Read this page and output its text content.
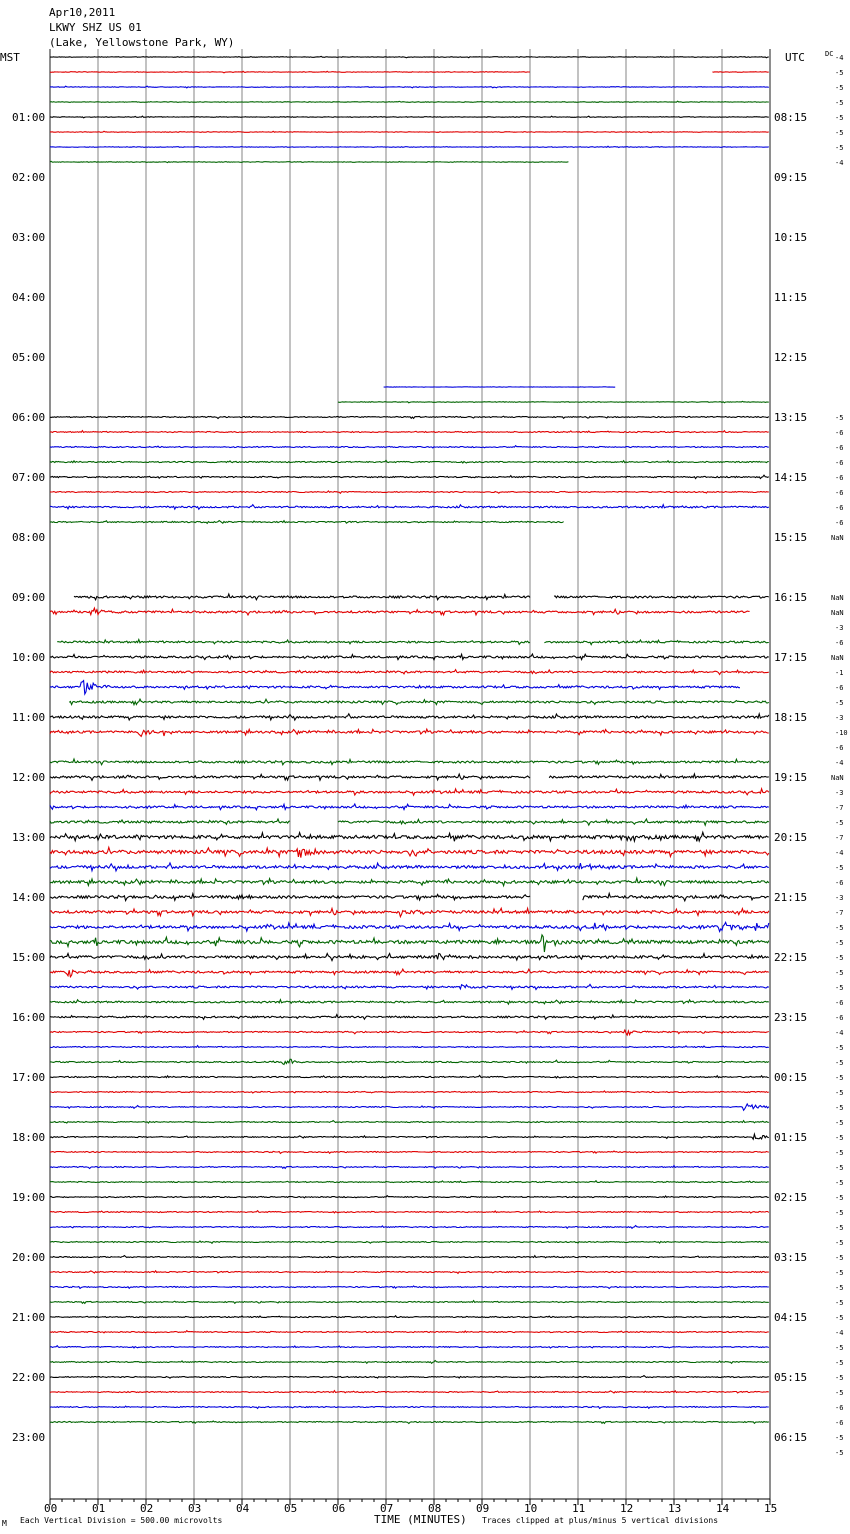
Apr10,2011
LKWY SHZ US 01
(Lake, Yellowstone Park, WY)
MST	UTC	DC
00	01	02	03	04	05	06	07	08	09	10	11	12	13	14	15
01:00
02:00
03:00
04:00
05:00
06:00
07:00
08:00
09:00
10:00
11:00
12:00
13:00
14:00
15:00
16:00
17:00
18:00
19:00
20:00
21:00
22:00
23:00
08:15
09:15
10:15
11:15
12:15
13:15
14:15
15:15
16:15
17:15
18:15
19:15
20:15
21:15
22:15
23:15
00:15
01:15
02:15
03:15
04:15
05:15
06:15
-4
-5
-5
-5
-5
-5
-5
-4
-5
-6
-6
-6
-6
-6
-6
-6
NaN
NaN
NaN
-3
-6
NaN
-1
-6
-5
-3
-10
-6
-4
NaN
-3
-7
-5
-7
-4
-5
-6
-3
-7
-5
-5
-5
-5
-5
-6
-6
-4
-5
-5
-5
-5
-5
-5
-5
-5
-5
-5
-5
-5
-5
-5
-5
-5
-5
-5
-5
-4
-5
-5
-5
-5
-6
-6
-5
-5
M Each Vertical Division = 500.00 microvolts	TIME (MINUTES) Traces clipped at plus/minus 5 vertical divisions
